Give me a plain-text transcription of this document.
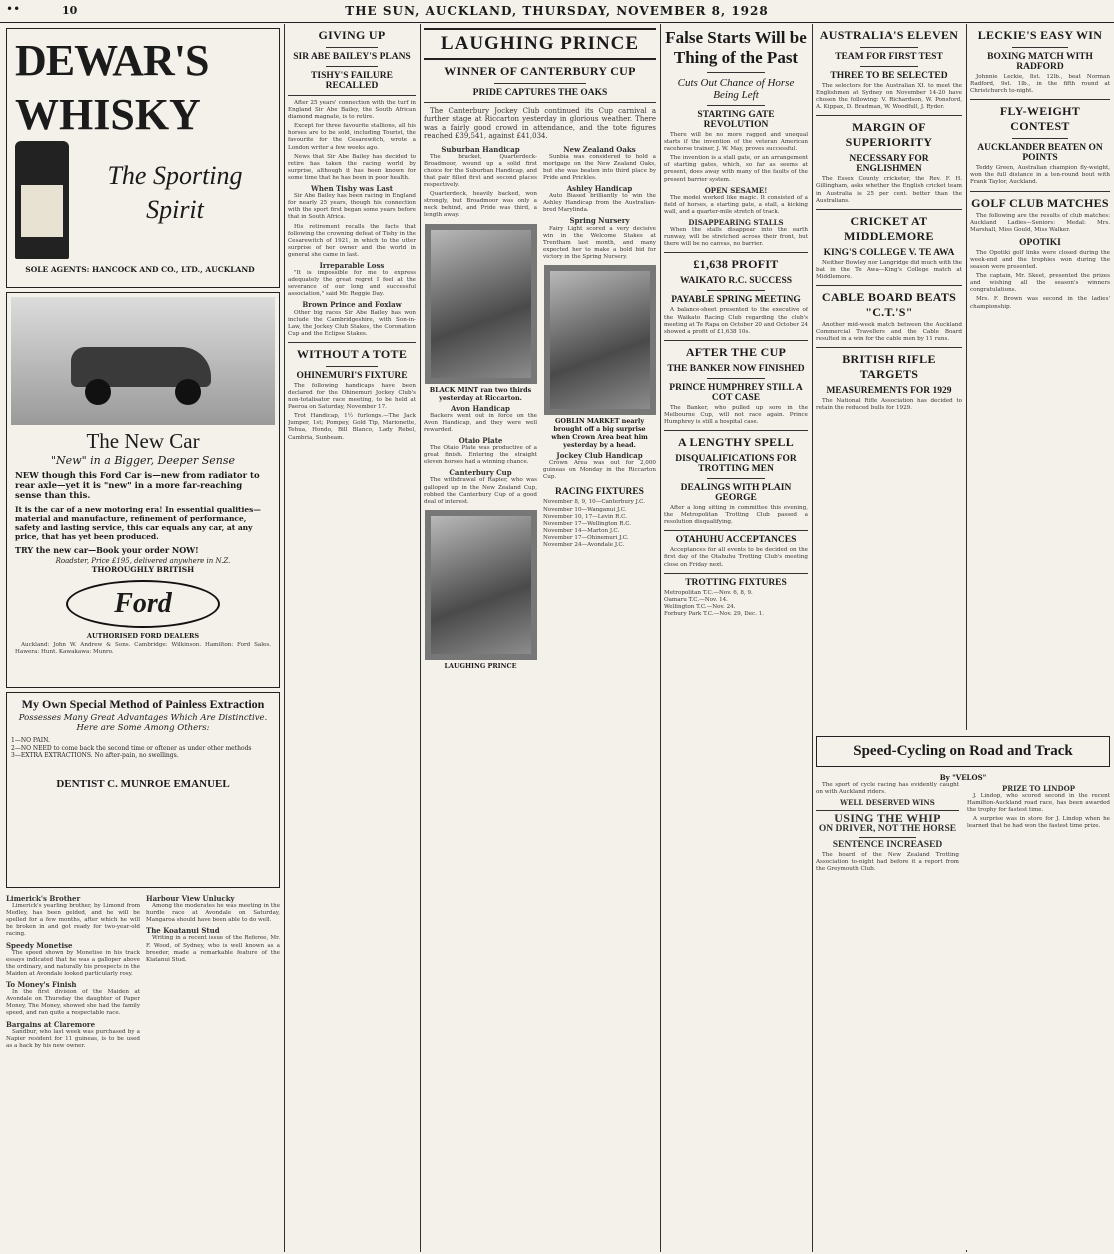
••	10	THE SUN, AUCKLAND, THURSDAY, NOVEMBER 8, 1928
DEWAR'S
WHISKY
The Sporting Spirit
SOLE AGENTS: HANCOCK AND CO., LTD., AUCKLAND
The New Car
"New" in a Bigger, Deeper Sense
NEW though this Ford Car is—new from radiator to rear axle—yet it is "new" in a more far-reaching sense than this.
It is the car of a new motoring era! In essential qualities—material and manufacture, refinement of performance, safety and lasting service, this car equals any car, at any price, that has yet been produced.
TRY the new car—Book your order NOW!
Roadster, Price £195, delivered anywhere in N.Z.
THOROUGHLY BRITISH
Ford
AUTHORISED FORD DEALERS

Auckland: John W. Andrew & Sons. Cambridge: Wilkinson. Hamilton: Ford Sales. Hawera: Hunt. Kawakawa: Munro.

My Own Special Method of Painless Extraction
Possesses Many Great Advantages Which Are Distinctive. Here are Some Among Others:
1—NO PAIN.
2—NO NEED to come back the second time or oftener as under other methods
3—EXTRA EXTRACTIONS. No after-pain, no swellings.
DENTIST C. MUNROE EMANUEL
Limerick's Brother

Limerick's yearling brother, by Limond from Medley, has been gelded, and he will be spelled for a few months, after which he will be broken in and got ready for two-year-old racing.

Speedy Monetise

The speed shown by Monetise in his track essays indicated that he was a galloper above the ordinary, and naturally his prospects in the Maiden at Avondale looked particularly rosy.

To Money's Finish

In the first division of the Maiden at Avondale on Thursday the daughter of Paper Money, The Money, showed she had the family speed, and ran quite a respectable race.

Bargains at Claremore

Sandbur, who last week was purchased by a Napier resident for 11 guineas, is to be used as a hack by his new owner.

Harbour View Unlucky

Among the moderates he was meeting in the hurdle race at Avondale on Saturday, Mangaroa should have been able to do well.

The Koatanui Stud

Writing in a recent issue of the Referee, Mr. F. Wood, of Sydney, who is well known as a breeder, made a remarkable feature of the Kiatanui Stud.

GIVING UP
SIR ABE BAILEY'S PLANS
TISHY'S FAILURE RECALLED

After 25 years' connection with the turf in England Sir Abe Bailey, the South African diamond magnate, is to retire.

Except for three favourite stallions, all his horses are to be sold, including Tourist, the favourite for the Cesarewitch, wrote a London writer a few weeks ago.

News that Sir Abe Bailey has decided to retire has taken the racing world by surprise, although it has been known for some time that he has been in poor health.

When Tishy was Last

Sir Abe Bailey has been racing in England for nearly 25 years, though his connection with the sport first began some years before that in South Africa.

His retirement recalls the facts that following the crowning defeat of Tishy in the Cesarewitch of 1921, in which to the utter surprise of her owner and the world in general she came in last.

Irreparable Loss

"It is impossible for me to express adequately the great regret I feel at the severance of our long and successful association," said Mr. Reggie Day.

Brown Prince and Foxlaw

Other big races Sir Abe Bailey has won include the Cambridgeshire, with Son-in-Law, the Jockey Club Stakes, the Coronation Cup and the Eclipse Stakes.

WITHOUT A TOTE
OHINEMURI'S FIXTURE

The following handicaps have been declared for the Ohinemuri Jockey Club's non-totalisator race meeting, to be held at Paeroa on Saturday, November 17.

Trot Handicap, 1½ furlongs.—The Jack Jumper, 1st; Pompey, Gold Tip, Marionette, Tehua, Hondo, Bill Blanco, Lady Rebel, Cambria, Sunbeam.

LAUGHING PRINCE
WINNER OF CANTERBURY CUP
PRIDE CAPTURES THE OAKS

The Canterbury Jockey Club continued its Cup carnival a further stage at Riccarton yesterday in glorious weather. There was a fairly good crowd in attendance, and the tote figures reached £39,541, against £41,034.

Suburban Handicap

The bracket, Quarterdeck-Broadmoor, wound up a solid first choice for the Suburban Handicap, and that pair filled first and second places respectively.

Quarterdeck, heavily backed, won strongly, but Broadmoor was only a neck behind, and Pride was third, a length away.

BLACK MINT ran two thirds yesterday at Riccarton.
Avon Handicap

Backers went out in force on the Avon Handicap, and they were well rewarded.

Otaio Plate

The Otaio Plate was productive of a great finish. Entering the straight eleven horses had a winning chance.

Canterbury Cup

The withdrawal of Rapier, who was galloped up in the New Zealand Cup, robbed the Canterbury Cup of a good deal of interest.

LAUGHING PRINCE
New Zealand Oaks

Sunbia was considered to hold a mortgage on the New Zealand Oaks, but she was beaten into third place by Pride and Prickles.

Ashley Handicap

Auto Biased brilliantly to win the Ashley Handicap from the Australian-bred Marylinda.

Spring Nursery

Fairy Light scored a very decisive win in the Welcome Stakes at Trentham last month, and many expected her to make a bold bid for victory in the Spring Nursery.

GOBLIN MARKET nearly brought off a big surprise when Crown Area beat him yesterday by a head.
Jockey Club Handicap

Crown Area was out for 2,000 guineas on Monday in the Riccarton Cup.

RACING FIXTURES
November 8, 9, 10—Canterbury J.C.
November 10—Wanganui J.C.
November 10, 17—Levin R.C.
November 17—Wellington R.C.
November 14—Marton J.C.
November 17—Ohinemuri J.C.
November 24—Avondale J.C.
False Starts Will be Thing of the Past
Cuts Out Chance of Horse Being Left
STARTING GATE REVOLUTION

There will be no more ragged and unequal starts if the invention of the veteran American racehorse trainer, J. W. May, proves successful.

The invention is a stall gate, or an arrangement of starting gates, which, so far as seems at present, does away with many of the faults of the present barrier system.

OPEN SESAME!

The model worked like magic. It consisted of a field of horses, a starting gate, a stall, a kicking wall, and a quarter-mile stretch of track.

DISAPPEARING STALLS

When the stalls disappear into the earth runway, will be stretched across their front, but there will be no canvas, no barrier.

£1,638 PROFIT
WAIKATO R.C. SUCCESS
PAYABLE SPRING MEETING

A balance-sheet presented to the executive of the Waikato Racing Club regarding the club's meeting at Te Rapa on October 20 and October 24 showed a profit of £1,638 10s.

AFTER THE CUP
THE BANKER NOW FINISHED
PRINCE HUMPHREY STILL A COT CASE

The Banker, who pulled up sore in the Melbourne Cup, will not race again. Prince Humphrey is still a hospital case.

A LENGTHY SPELL
DISQUALIFICATIONS FOR TROTTING MEN
DEALINGS WITH PLAIN GEORGE

After a long sitting in committee this evening, the Metropolitan Trotting Club passed a resolution disqualifying.

OTAHUHU ACCEPTANCES

Acceptances for all events to be decided on the first day of the Otahuhu Trotting Club's meeting close on Friday next.

TROTTING FIXTURES
Metropolitan T.C.—Nov. 6, 8, 9.
Oamaru T.C.—Nov. 14.
Wellington T.C.—Nov. 24.
Forbury Park T.C.—Nov. 29, Dec. 1.
AUSTRALIA'S ELEVEN
TEAM FOR FIRST TEST
THREE TO BE SELECTED

The selectors for the Australian XI. to meet the Englishmen at Sydney on November 14-20 have chosen the following: V. Richardson, W. Ponsford, A. Kippax, D. Bradman, W. Woodfull, J. Ryder.

MARGIN OF SUPERIORITY
NECESSARY FOR ENGLISHMEN

The Essex County cricketer, the Rev. F. H. Gillingham, asks whether the English cricket team in Australia is 25 per cent. better than the Australians.

CRICKET AT MIDDLEMORE
KING'S COLLEGE V. TE AWA

Neither Bowley nor Langridge did much with the bat in the Te Awa—King's College match at Middlemore.

CABLE BOARD BEATS "C.T.'S"

Another mid-week match between the Auckland Commercial Travellers and the Cable Board resulted in a win for the cable men by 11 runs.

BRITISH RIFLE TARGETS
MEASUREMENTS FOR 1929

The National Rifle Association has decided to retain the reduced bulls for 1929.

Speed-Cycling on Road and Track
By "VELOS"

The sport of cycle racing has evidently caught on with Auckland riders.

WELL DESERVED WINS
USING THE WHIP
ON DRIVER, NOT THE HORSE
SENTENCE INCREASED

The board of the New Zealand Trotting Association to-night had before it a report from the Greymouth Club.

PRIZE TO LINDOP

J. Lindop, who scored second in the recent Hamilton-Auckland road race, has been awarded the trophy for fastest time.

A surprise was in store for J. Lindop when he learned that he had won the fastest time prize.

LECKIE'S EASY WIN
BOXING MATCH WITH RADFORD

Johnnie Leckie, 8st. 12lb., beat Norman Radford, 9st. 1lb., in the fifth round at Christchurch to-night.

FLY-WEIGHT CONTEST
AUCKLANDER BEATEN ON POINTS

Teddy Green, Australian champion fly-weight, won the full distance in a ten-round bout with Frank Taylor, Auckland.

GOLF CLUB MATCHES

The following are the results of club matches: Auckland Ladies—Seniors: Medal: Mrs. Marshall, Miss Gould, Miss Walker.

OPOTIKI

The Opotiki golf links were closed during the week-end and the trophies won during the season were presented.

The captain, Mr. Skeet, presented the prizes and wishing all the season's winners congratulations.

Mrs. F. Brown was second in the ladies' championship.
